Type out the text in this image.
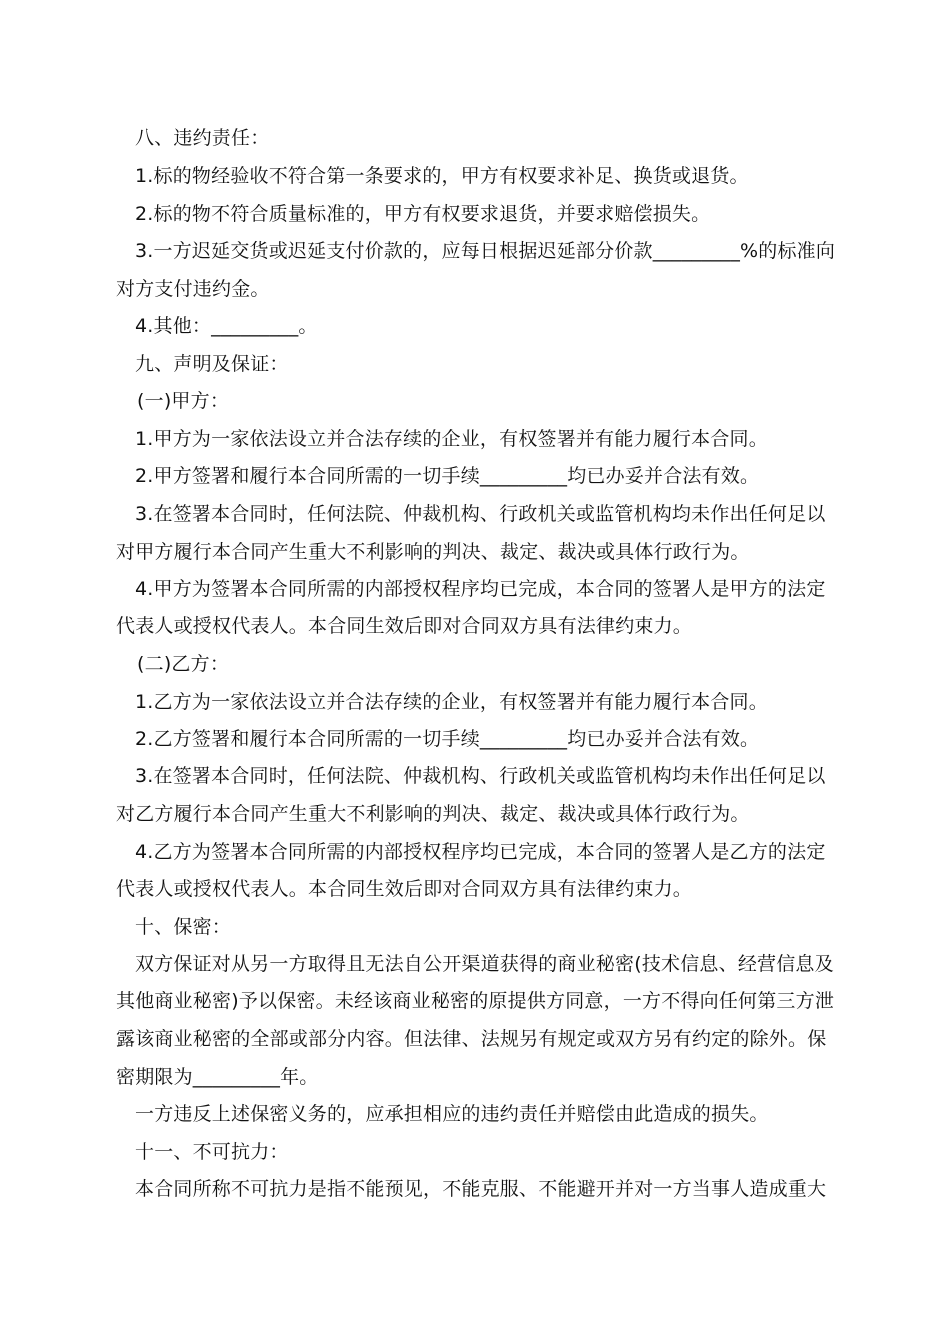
八、违约责任：
1.标的物经验收不符合第一条要求的，甲方有权要求补足、换货或退货。
2.标的物不符合质量标准的，甲方有权要求退货，并要求赔偿损失。
3.一方迟延交货或迟延支付价款的，应每日根据迟延部分价款_________%的标准向
对方支付违约金。
4.其他：_________。
九、声明及保证：
(一)甲方：
1.甲方为一家依法设立并合法存续的企业，有权签署并有能力履行本合同。
2.甲方签署和履行本合同所需的一切手续_________均已办妥并合法有效。
3.在签署本合同时，任何法院、仲裁机构、行政机关或监管机构均未作出任何足以
对甲方履行本合同产生重大不利影响的判决、裁定、裁决或具体行政行为。
4.甲方为签署本合同所需的内部授权程序均已完成，本合同的签署人是甲方的法定
代表人或授权代表人。本合同生效后即对合同双方具有法律约束力。
(二)乙方：
1.乙方为一家依法设立并合法存续的企业，有权签署并有能力履行本合同。
2.乙方签署和履行本合同所需的一切手续_________均已办妥并合法有效。
3.在签署本合同时，任何法院、仲裁机构、行政机关或监管机构均未作出任何足以
对乙方履行本合同产生重大不利影响的判决、裁定、裁决或具体行政行为。
4.乙方为签署本合同所需的内部授权程序均已完成，本合同的签署人是乙方的法定
代表人或授权代表人。本合同生效后即对合同双方具有法律约束力。
十、保密：
双方保证对从另一方取得且无法自公开渠道获得的商业秘密(技术信息、经营信息及
其他商业秘密)予以保密。未经该商业秘密的原提供方同意，一方不得向任何第三方泄
露该商业秘密的全部或部分内容。但法律、法规另有规定或双方另有约定的除外。保
密期限为_________年。
一方违反上述保密义务的，应承担相应的违约责任并赔偿由此造成的损失。
十一、不可抗力：
本合同所称不可抗力是指不能预见，不能克服、不能避开并对一方当事人造成重大
